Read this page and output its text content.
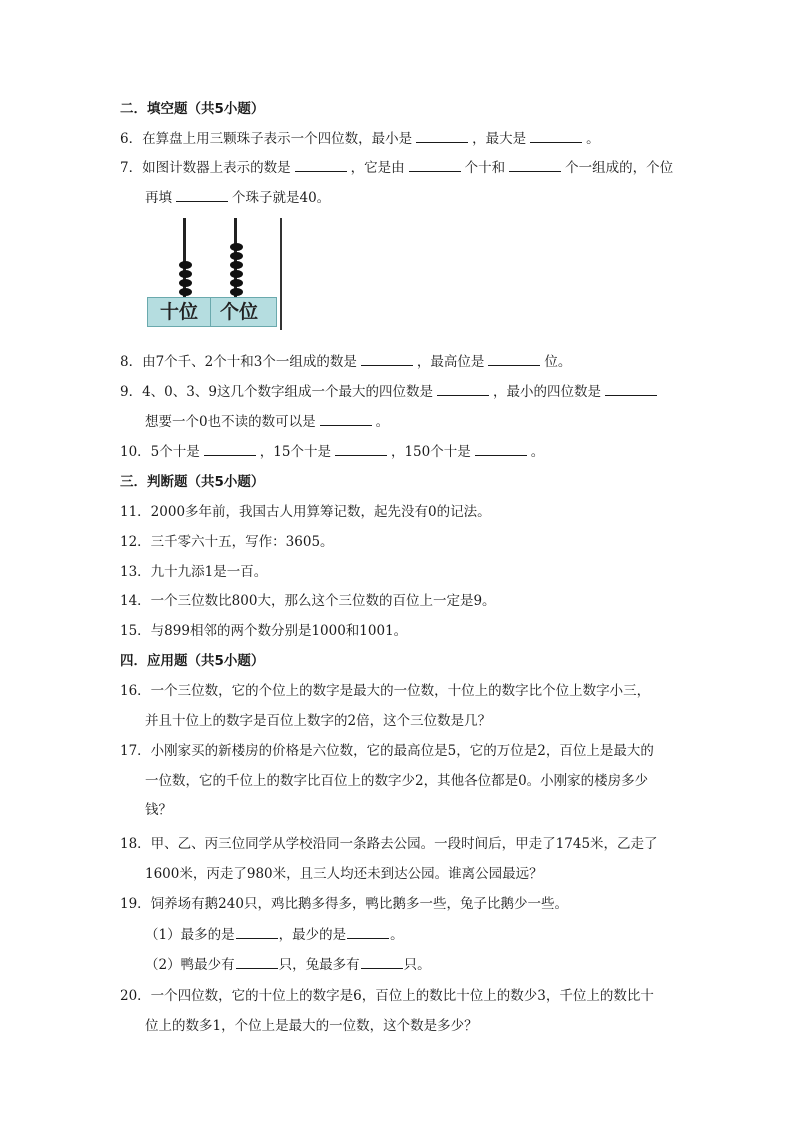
二．填空题（共5小题）
6．在算盘上用三颗珠子表示一个四位数，最小是	，最大是	。
7．如图计数器上表示的数是	，它是由	个十和	个一组成的，个位
再填	个珠子就是40。
十位 个位
8．由7个千、2个十和3个一组成的数是	，最高位是	位。
9．4、0、3、9这几个数字组成一个最大的四位数是	，最小的四位数是
想要一个0也不读的数可以是	。
10．5个十是	，15个十是	，150个十是	。
三．判断题（共5小题）
11．2000多年前，我国古人用算筹记数，起先没有0的记法。
12．三千零六十五，写作：3605。
13．九十九添1是一百。
14．一个三位数比800大，那么这个三位数的百位上一定是9。
15．与899相邻的两个数分别是1000和1001。
四．应用题（共5小题）
16．一个三位数，它的个位上的数字是最大的一位数，十位上的数字比个位上数字小三，
并且十位上的数字是百位上数字的2倍，这个三位数是几？
17．小刚家买的新楼房的价格是六位数，它的最高位是5，它的万位是2，百位上是最大的
一位数，它的千位上的数字比百位上的数字少2，其他各位都是0。小刚家的楼房多少
钱？
18．甲、乙、丙三位同学从学校沿同一条路去公园。一段时间后，甲走了1745米，乙走了
1600米，丙走了980米，且三人均还未到达公园。谁离公园最远？
19．饲养场有鹅240只，鸡比鹅多得多，鸭比鹅多一些，兔子比鹅少一些。
（1）最多的是	，最少的是	。
（2）鸭最少有	只，兔最多有	只。
20．一个四位数，它的十位上的数字是6，百位上的数比十位上的数少3，千位上的数比十
位上的数多1，个位上是最大的一位数，这个数是多少？
